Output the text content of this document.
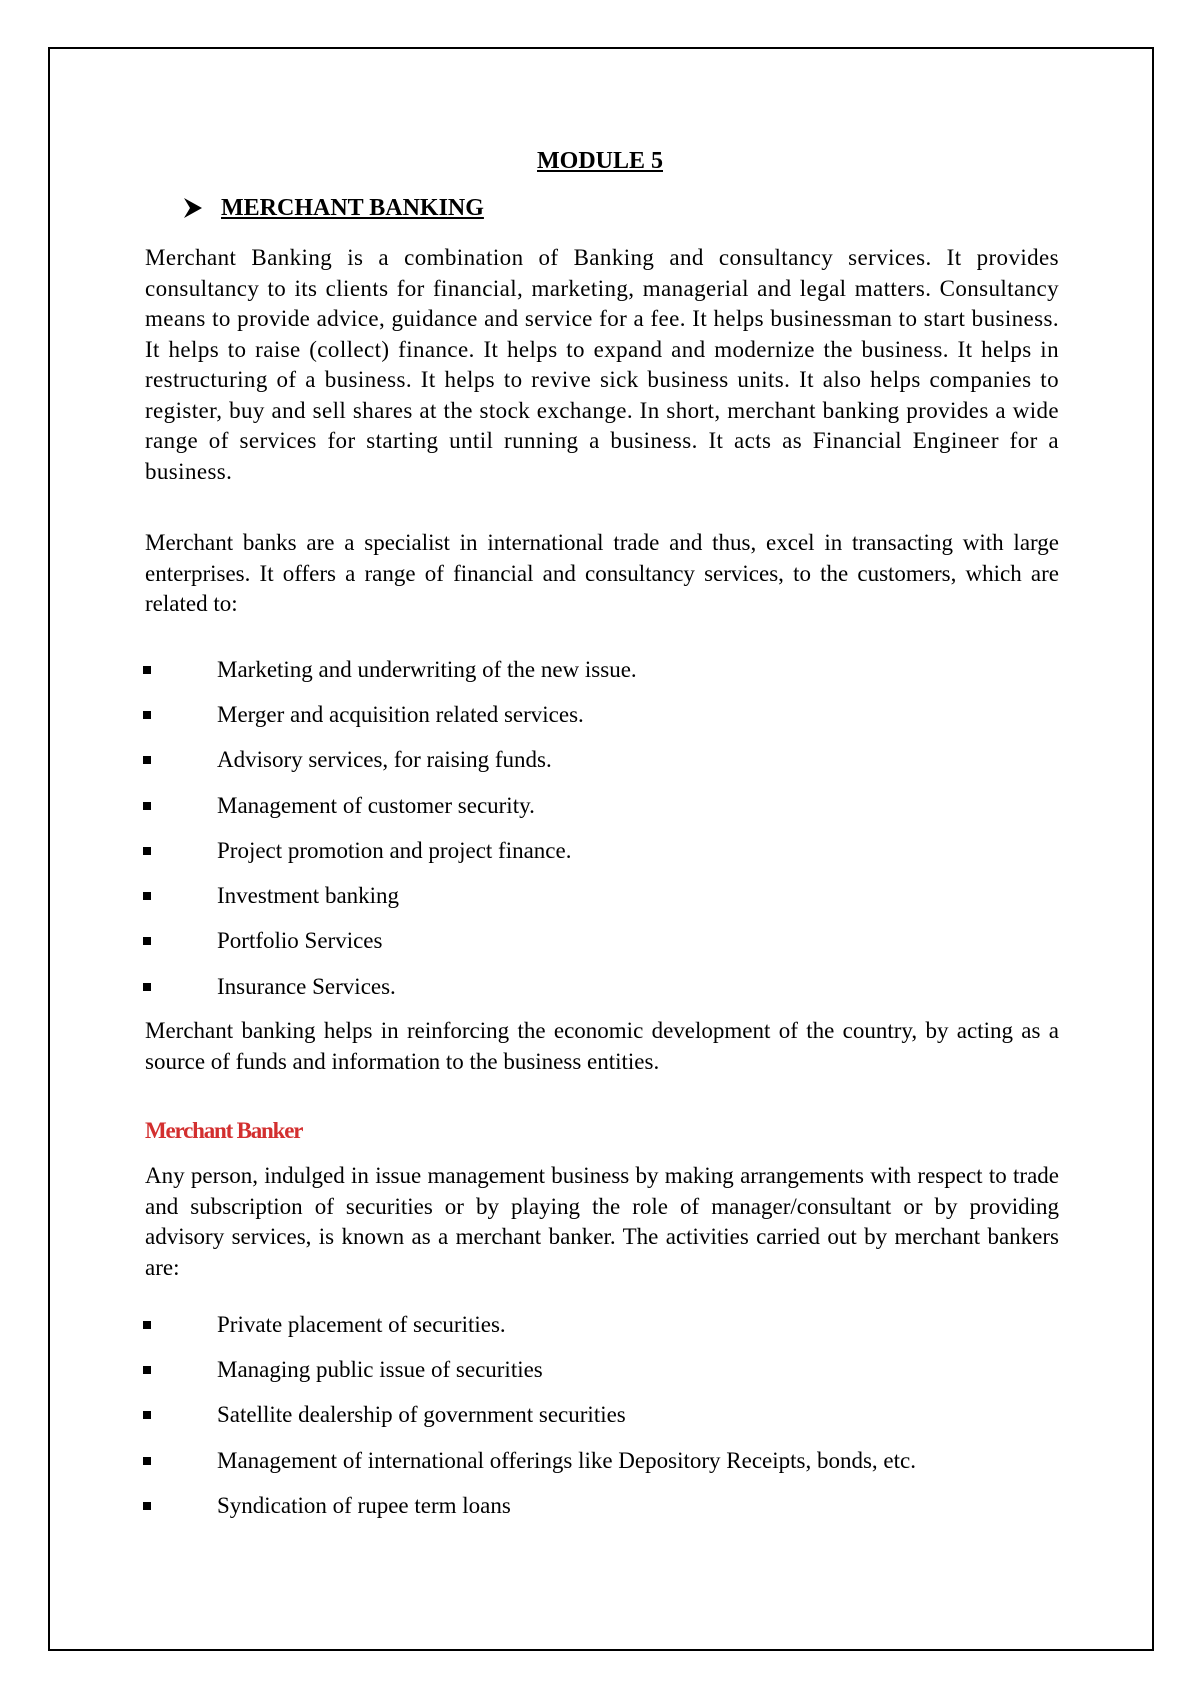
MODULE 5
MERCHANT BANKING

Merchant Banking is a combination of Banking and consultancy services. It provides consultancy to its clients for financial, marketing, managerial and legal matters. Consultancy means to provide advice, guidance and service for a fee. It helps businessman to start business. It helps to raise (collect) finance. It helps to expand and modernize the business. It helps in restructuring of a business. It helps to revive sick business units. It also helps companies to register, buy and sell shares at the stock exchange. In short, merchant banking provides a wide range of services for starting until running a business. It acts as Financial Engineer for a business.

Merchant banks are a specialist in international trade and thus, excel in transacting with large enterprises. It offers a range of financial and consultancy services, to the customers, which are related to:

Marketing and underwriting of the new issue.
Merger and acquisition related services.
Advisory services, for raising funds.
Management of customer security.
Project promotion and project finance.
Investment banking
Portfolio Services
Insurance Services.

Merchant banking helps in reinforcing the economic development of the country, by acting as a source of funds and information to the business entities.

Merchant Banker

Any person, indulged in issue management business by making arrangements with respect to trade and subscription of securities or by playing the role of manager/consultant or by providing advisory services, is known as a merchant banker. The activities carried out by merchant bankers are:

Private placement of securities.
Managing public issue of securities
Satellite dealership of government securities
Management of international offerings like Depository Receipts, bonds, etc.
Syndication of rupee term loans
